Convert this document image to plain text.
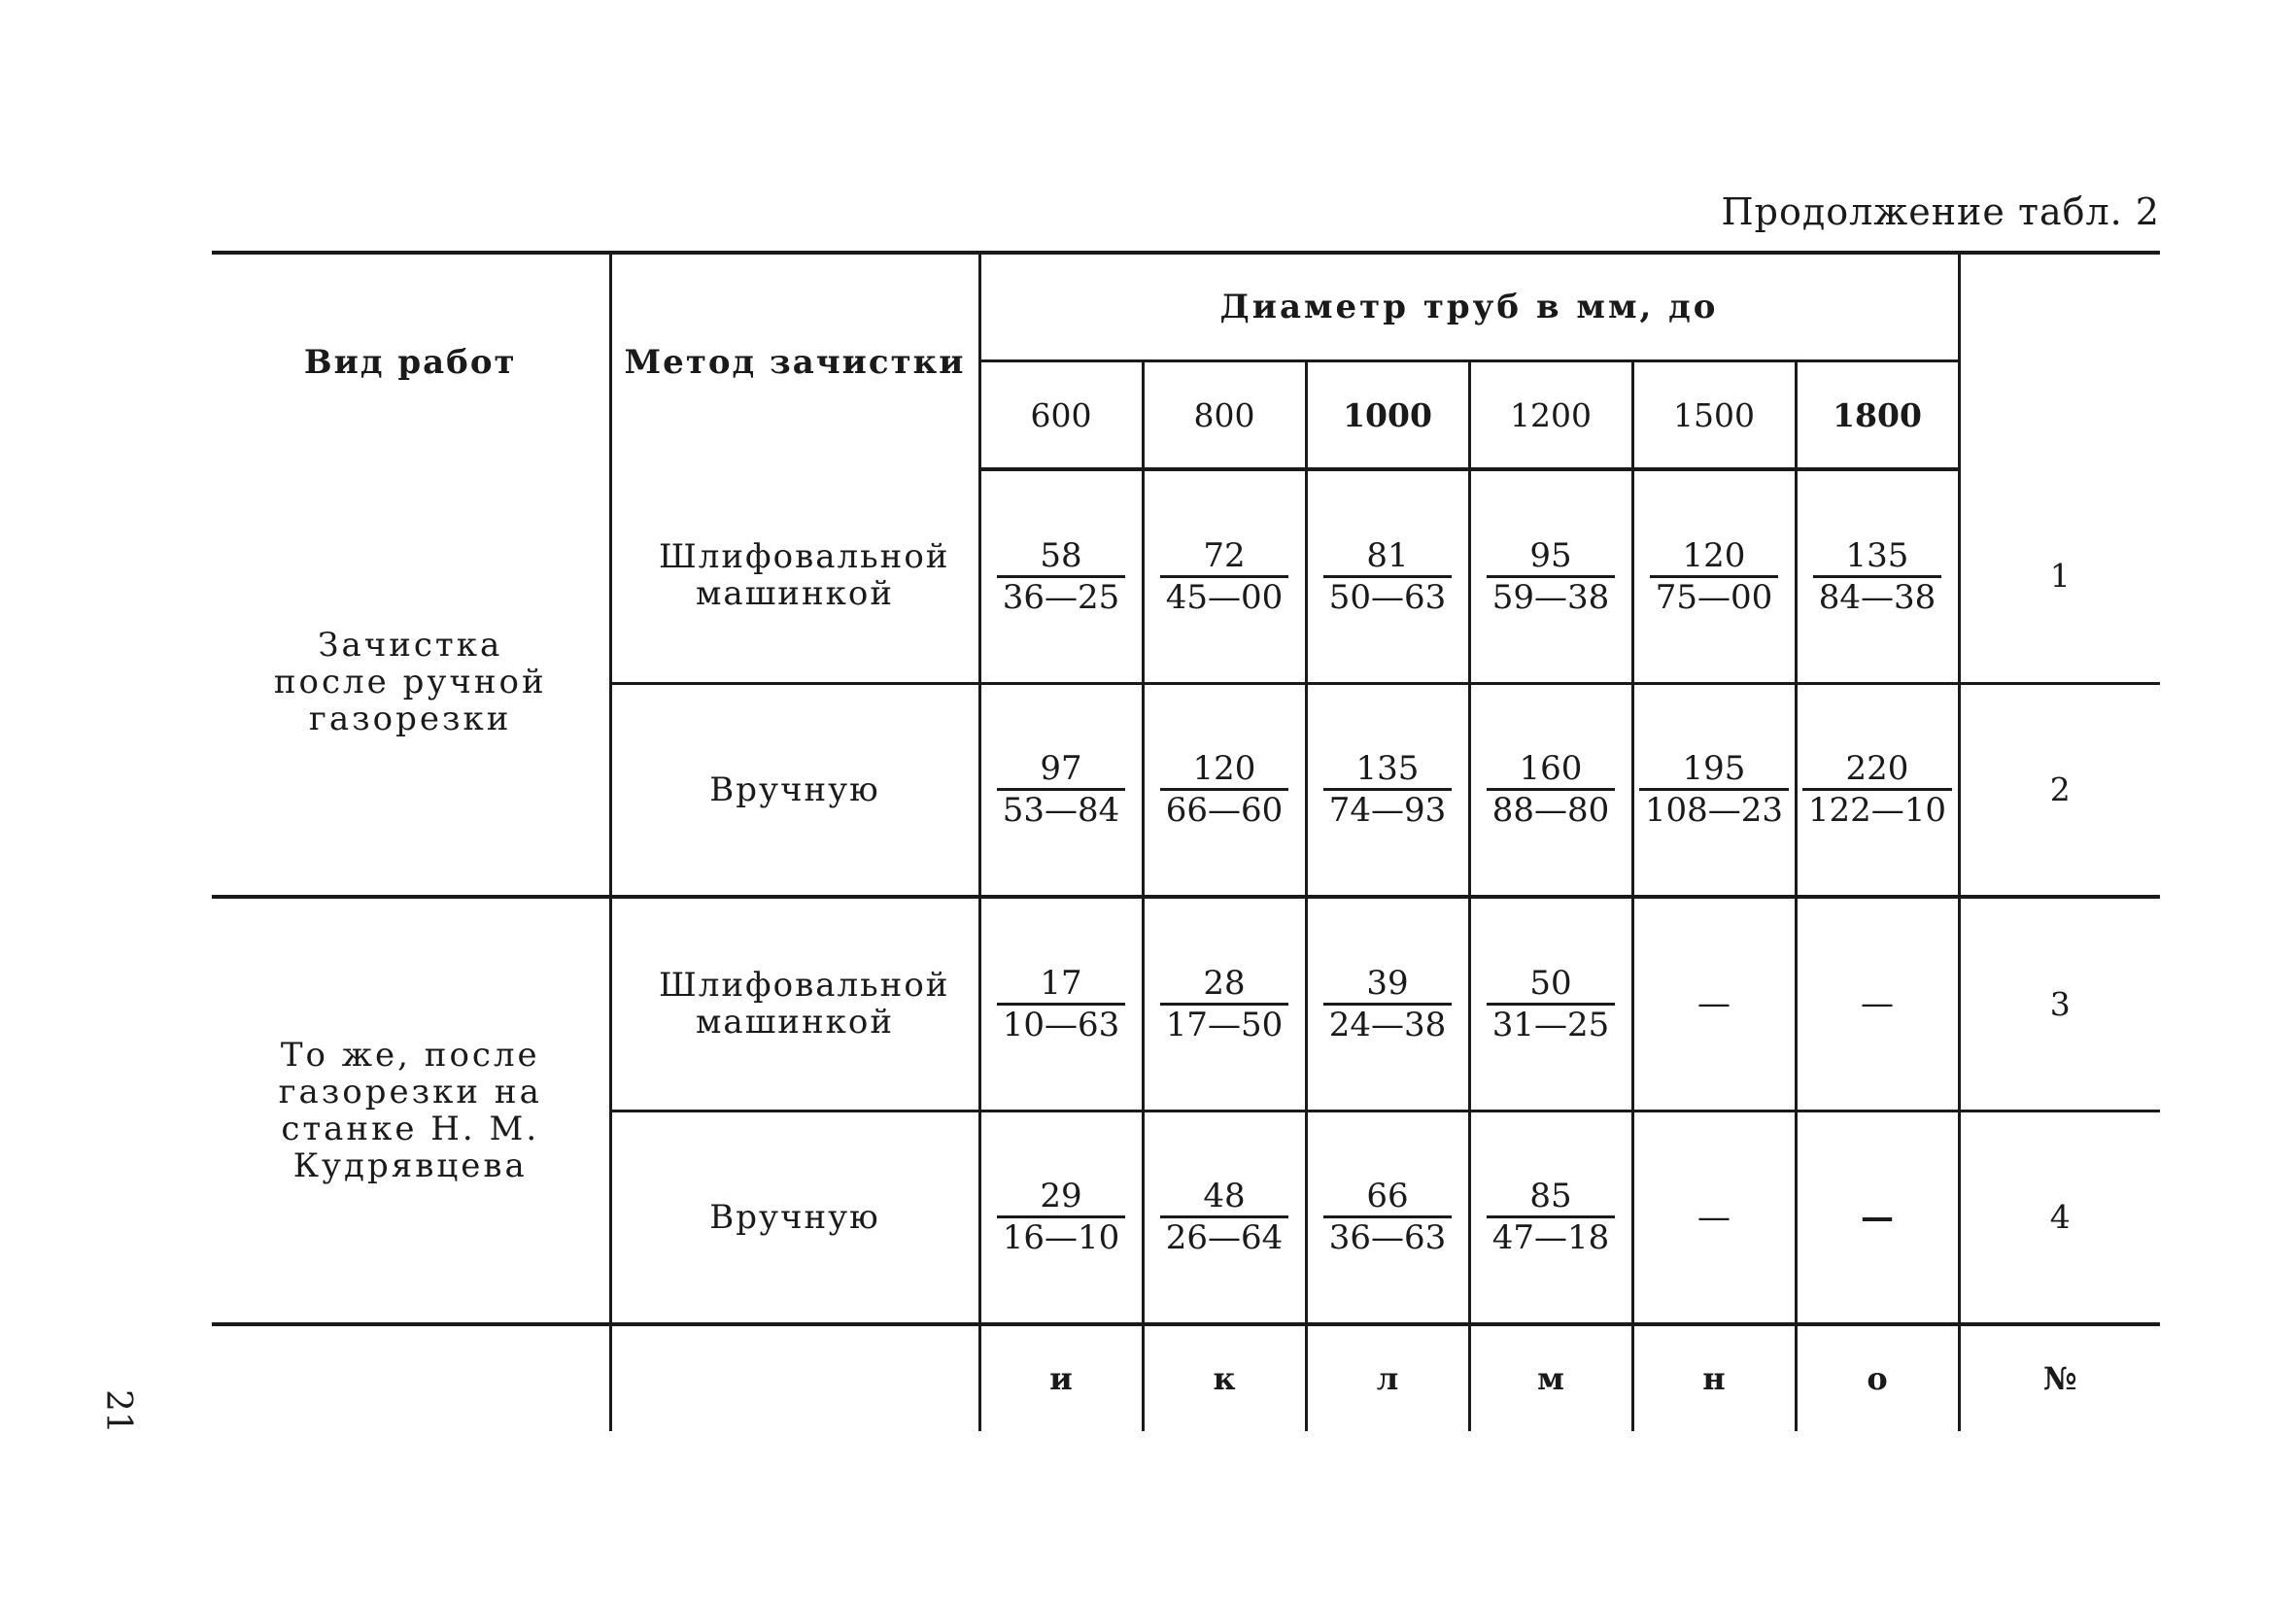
Продолжение табл. 2
Вид работ	Метод зачистки	Диаметр труб в мм, до						
		600	800	1000	1200	1500	1800	
Зачистка после ручной газорезки	Шлифовальной машинкой	$\frac{58}{36—25}$	$\frac{72}{45—00}$	$\frac{81}{50—63}$	$\frac{95}{59—38}$	$\frac{120}{75—00}$	$\frac{135}{84—38}$	1
	Вручную	$\frac{97}{53—84}$	$\frac{120}{66—60}$	$\frac{135}{74—93}$	$\frac{160}{88—80}$	$\frac{195}{108—23}$	$\frac{220}{122—10}$	2
То же, после газорезки на станке Н. М. Кудрявцева	Шлифовальной машинкой	$\frac{17}{10—63}$	$\frac{28}{17—50}$	$\frac{39}{24—38}$	$\frac{50}{31—25}$	—	—	3
	Вручную	$\frac{29}{16—10}$	$\frac{48}{26—64}$	$\frac{66}{36—63}$	$\frac{85}{47—18}$	—	—	4
		и	к	л	м	н	о	№
21
